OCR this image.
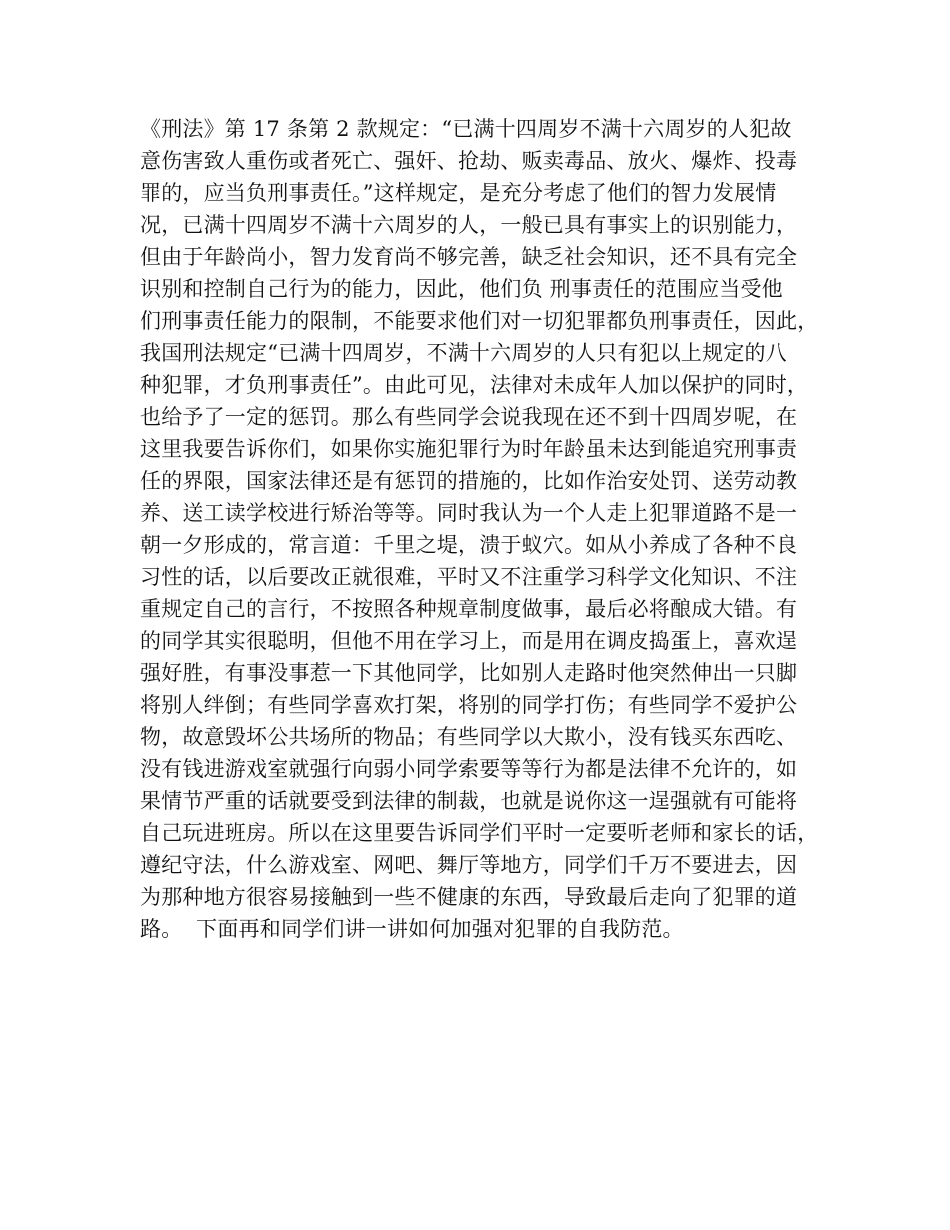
《刑法》第 17 条第 2 款规定：“已满十四周岁不满十六周岁的人犯故
意伤害致人重伤或者死亡、强奸、抢劫、贩卖毒品、放火、爆炸、投毒
罪的，应当负刑事责任。”这样规定，是充分考虑了他们的智力发展情
况，已满十四周岁不满十六周岁的人，一般已具有事实上的识别能力，
但由于年龄尚小，智力发育尚不够完善，缺乏社会知识，还不具有完全
识别和控制自己行为的能力，因此，他们负 刑事责任的范围应当受他
们刑事责任能力的限制，不能要求他们对一切犯罪都负刑事责任，因此，
我国刑法规定“已满十四周岁，不满十六周岁的人只有犯以上规定的八
种犯罪，才负刑事责任”。由此可见，法律对未成年人加以保护的同时，
也给予了一定的惩罚。那么有些同学会说我现在还不到十四周岁呢，在
这里我要告诉你们，如果你实施犯罪行为时年龄虽未达到能追究刑事责
任的界限，国家法律还是有惩罚的措施的，比如作治安处罚、送劳动教
养、送工读学校进行矫治等等。同时我认为一个人走上犯罪道路不是一
朝一夕形成的，常言道：千里之堤，溃于蚁穴。如从小养成了各种不良
习性的话，以后要改正就很难，平时又不注重学习科学文化知识、不注
重规定自己的言行，不按照各种规章制度做事，最后必将酿成大错。有
的同学其实很聪明，但他不用在学习上，而是用在调皮捣蛋上，喜欢逞
强好胜，有事没事惹一下其他同学，比如别人走路时他突然伸出一只脚
将别人绊倒；有些同学喜欢打架，将别的同学打伤；有些同学不爱护公
物，故意毁坏公共场所的物品；有些同学以大欺小，没有钱买东西吃、
没有钱进游戏室就强行向弱小同学索要等等行为都是法律不允许的，如
果情节严重的话就要受到法律的制裁，也就是说你这一逞强就有可能将
自己玩进班房。所以在这里要告诉同学们平时一定要听老师和家长的话，
遵纪守法，什么游戏室、网吧、舞厅等地方，同学们千万不要进去，因
为那种地方很容易接触到一些不健康的东西，导致最后走向了犯罪的道
路。  下面再和同学们讲一讲如何加强对犯罪的自我防范。
